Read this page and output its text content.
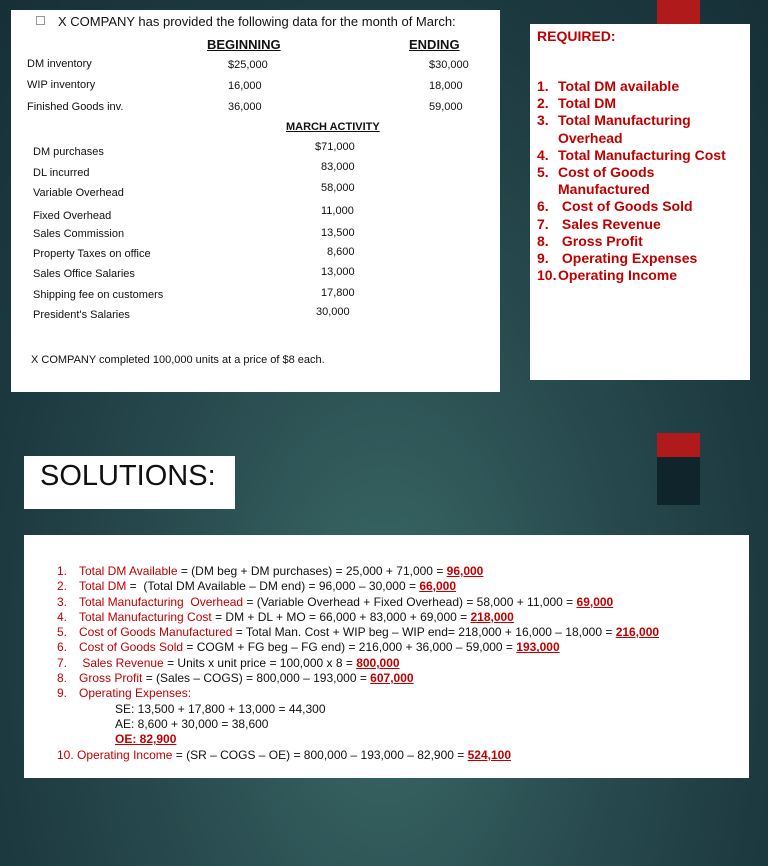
X COMPANY has provided the following data for the month of March:
BEGINNING	ENDING
DM inventory	$25,000	$30,000
WIP inventory	16,000	18,000
Finished Goods inv.	36,000	59,000
MARCH ACTIVITY
DM purchases	$71,000
DL incurred	83,000
Variable Overhead	58,000
Fixed Overhead	11,000
Sales Commission	13,500
Property Taxes on office	8,600
Sales Office Salaries	13,000
Shipping fee on customers	17,800
President's Salaries	30,000
X COMPANY completed 100,000 units at a price of $8 each.
REQUIRED:
1. Total DM available
2. Total DM
3. Total Manufacturing Overhead
4. Total Manufacturing Cost
5. Cost of Goods Manufactured
6. Cost of Goods Sold
7. Sales Revenue
8. Gross Profit
9. Operating Expenses
10. Operating Income
SOLUTIONS:
1. Total DM Available = (DM beg + DM purchases) = 25,000 + 71,000 = 96,000
2. Total DM =  (Total DM Available – DM end) = 96,000 – 30,000 = 66,000
3. Total Manufacturing  Overhead = (Variable Overhead + Fixed Overhead) = 58,000 + 11,000 = 69,000
4. Total Manufacturing Cost = DM + DL + MO = 66,000 + 83,000 + 69,000 = 218,000
5. Cost of Goods Manufactured = Total Man. Cost + WIP beg – WIP end= 218,000 + 16,000 – 18,000 = 216,000
6. Cost of Goods Sold = COGM + FG beg – FG end) = 216,000 + 36,000 – 59,000 = 193,000
7. Sales Revenue = Units x unit price = 100,000 x 8 = 800,000
8. Gross Profit = (Sales – COGS) = 800,000 – 193,000 = 607,000
9. Operating Expenses:
SE: 13,500 + 17,800 + 13,000 = 44,300
AE: 8,600 + 30,000 = 38,600
OE: 82,900
10. Operating Income = (SR – COGS – OE) = 800,000 – 193,000 – 82,900 = 524,100
